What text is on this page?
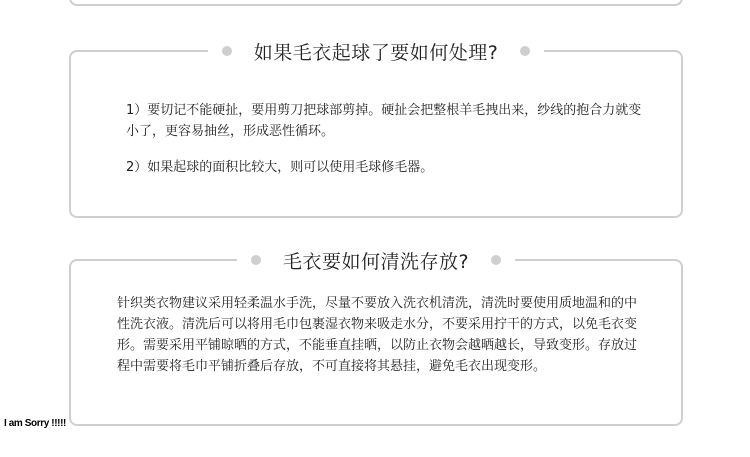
如果毛衣起球了要如何处理?

1）要切记不能硬扯，要用剪刀把球部剪掉。硬扯会把整根羊毛拽出来，纱线的抱合力就变小了，更容易抽丝，形成恶性循环。

2）如果起球的面积比较大，则可以使用毛球修毛器。

毛衣要如何清洗存放?

针织类衣物建议采用轻柔温水手洗，尽量不要放入洗衣机清洗，清洗时要使用质地温和的中性洗衣液。清洗后可以将用毛巾包裹湿衣物来吸走水分，不要采用拧干的方式，以免毛衣变形。需要采用平铺晾晒的方式，不能垂直挂晒，以防止衣物会越晒越长，导致变形。存放过程中需要将毛巾平铺折叠后存放，不可直接将其悬挂，避免毛衣出现变形。

I am Sorry !!!!!
